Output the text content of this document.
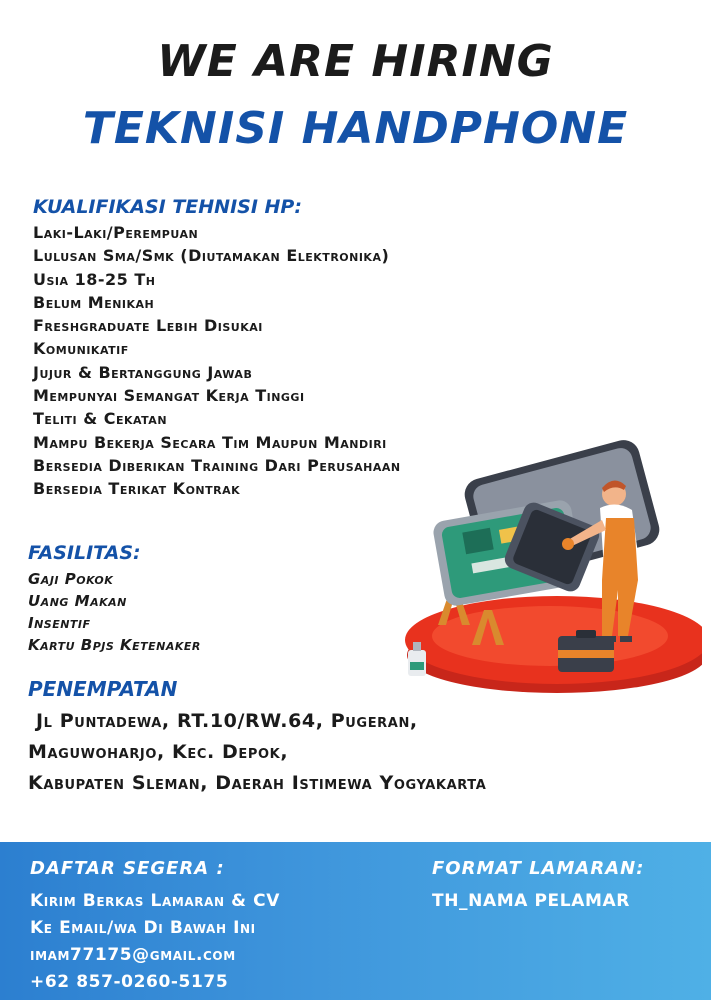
WE ARE HIRING
TEKNISI HANDPHONE
KUALIFIKASI TEHNISI HP:
Laki-Laki/Perempuan
Lulusan Sma/Smk (Diutamakan Elektronika)
Usia 18-25 Th
Belum Menikah
Freshgraduate Lebih Disukai
Komunikatif
Jujur & Bertanggung Jawab
Mempunyai Semangat Kerja Tinggi
Teliti & Cekatan
Mampu Bekerja Secara Tim Maupun Mandiri
Bersedia Diberikan Training Dari Perusahaan
Bersedia Terikat Kontrak
FASILITAS:
Gaji Pokok
Uang Makan
Insentif
Kartu Bpjs Ketenaker
PENEMPATAN
Jl Puntadewa, RT.10/RW.64, Pugeran,
Maguwoharjo, Kec. Depok,
Kabupaten Sleman, Daerah Istimewa Yogyakarta
DAFTAR SEGERA :
Kirim Berkas Lamaran & CV
Ke Email/wa Di Bawah Ini
imam77175@gmail.com
+62 857-0260-5175
FORMAT LAMARAN:
TH_NAMA PELAMAR
